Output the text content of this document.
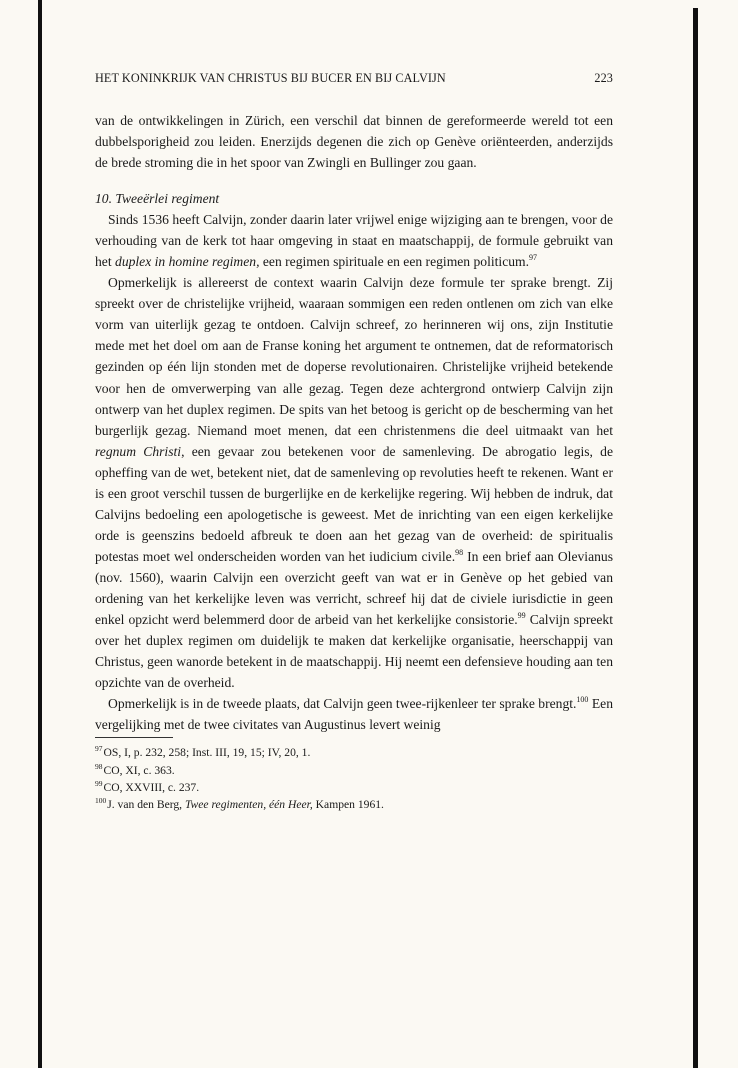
HET KONINKRIJK VAN CHRISTUS BIJ BUCER EN BIJ CALVIJN	223

van de ontwikkelingen in Zürich, een verschil dat binnen de gereformeerde wereld tot een dubbelsporigheid zou leiden. Enerzijds degenen die zich op Genève oriënteerden, anderzijds de brede stroming die in het spoor van Zwingli en Bullinger zou gaan.

10. Tweeërlei regiment

Sinds 1536 heeft Calvijn, zonder daarin later vrijwel enige wijziging aan te brengen, voor de verhouding van de kerk tot haar omgeving in staat en maatschappij, de formule gebruikt van het duplex in homine regimen, een regimen spirituale en een regimen politicum.$^{97}$

Opmerkelijk is allereerst de context waarin Calvijn deze formule ter sprake brengt. Zij spreekt over de christelijke vrijheid, waaraan sommigen een reden ontlenen om zich van elke vorm van uiterlijk gezag te ontdoen. Calvijn schreef, zo herinneren wij ons, zijn Institutie mede met het doel om aan de Franse koning het argument te ontnemen, dat de reformatorisch gezinden op één lijn stonden met de doperse revolutionairen. Christelijke vrijheid betekende voor hen de omverwerping van alle gezag. Tegen deze achtergrond ontwierp Calvijn zijn ontwerp van het duplex regimen. De spits van het betoog is gericht op de bescherming van het burgerlijk gezag. Niemand moet menen, dat een christenmens die deel uitmaakt van het regnum Christi, een gevaar zou betekenen voor de samenleving. De abrogatio legis, de opheffing van de wet, betekent niet, dat de samenleving op revoluties heeft te rekenen. Want er is een groot verschil tussen de burgerlijke en de kerkelijke regering. Wij hebben de indruk, dat Calvijns bedoeling een apologetische is geweest. Met de inrichting van een eigen kerkelijke orde is geenszins bedoeld afbreuk te doen aan het gezag van de overheid: de spiritualis potestas moet wel onderscheiden worden van het iudicium civile.$^{98}$ In een brief aan Olevianus (nov. 1560), waarin Calvijn een overzicht geeft van wat er in Genève op het gebied van ordening van het kerkelijke leven was verricht, schreef hij dat de civiele iurisdictie in geen enkel opzicht werd belemmerd door de arbeid van het kerkelijke consistorie.$^{99}$ Calvijn spreekt over het duplex regimen om duidelijk te maken dat kerkelijke organisatie, heerschappij van Christus, geen wanorde betekent in de maatschappij. Hij neemt een defensieve houding aan ten opzichte van de overheid.

Opmerkelijk is in de tweede plaats, dat Calvijn geen twee-rijkenleer ter sprake brengt.$^{100}$ Een vergelijking met de twee civitates van Augustinus levert weinig

$^{97}$OS, I, p. 232, 258; Inst. III, 19, 15; IV, 20, 1.
$^{98}$CO, XI, c. 363.
$^{99}$CO, XXVIII, c. 237.
$^{100}$J. van den Berg, Twee regimenten, één Heer, Kampen 1961.
